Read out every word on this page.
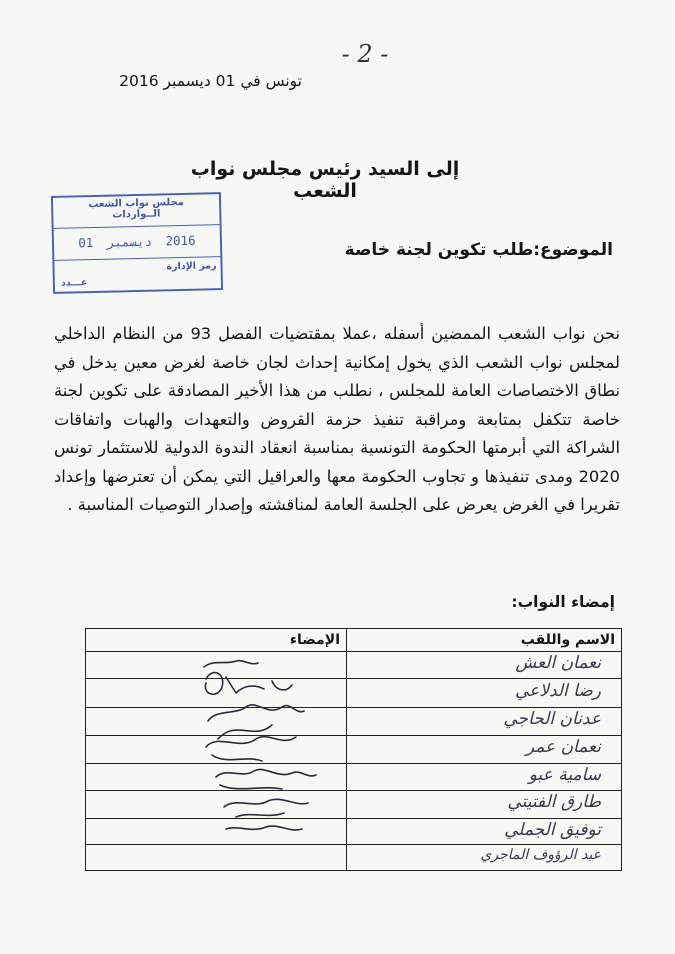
- 2 -
تونس في 01 ديسمبر 2016
إلى السيد رئيس مجلس نواب الشعب
مجلس نواب الشعب
الــواردات
2016 دیسمبر 01
رمز الإدارة
عـــدد
الموضوع:طلب تكوين لجنة خاصة
نحن نواب الشعب الممضين أسفله ،عملا بمقتضيات الفصل 93 من النظام الداخلي لمجلس نواب الشعب الذي يخول إمكانية إحداث لجان خاصة لغرض معين يدخل في نطاق الاختصاصات العامة للمجلس ، نطلب من هذا الأخير المصادقة على تكوين لجنة خاصة تتكفل بمتابعة ومراقبة تنفيذ حزمة القروض والتعهدات والهبات واتفاقات الشراكة التي أبرمتها الحكومة التونسية بمناسبة انعقاد الندوة الدولية للاستثمار تونس 2020 ومدى تنفيذها و تجاوب الحكومة معها والعراقيل التي يمكن أن تعترضها وإعداد تقريرا في الغرض يعرض على الجلسة العامة لمناقشته وإصدار التوصيات المناسبة .
إمضاء النواب:
الاسم واللقب
الإمضاء
نعمان العش
رضا الدلاعي
عدنان الحاجي
نعمان عمر
سامية عبو
طارق الفتيتي
توفيق الجملي
عبد الرؤوف الماجري
